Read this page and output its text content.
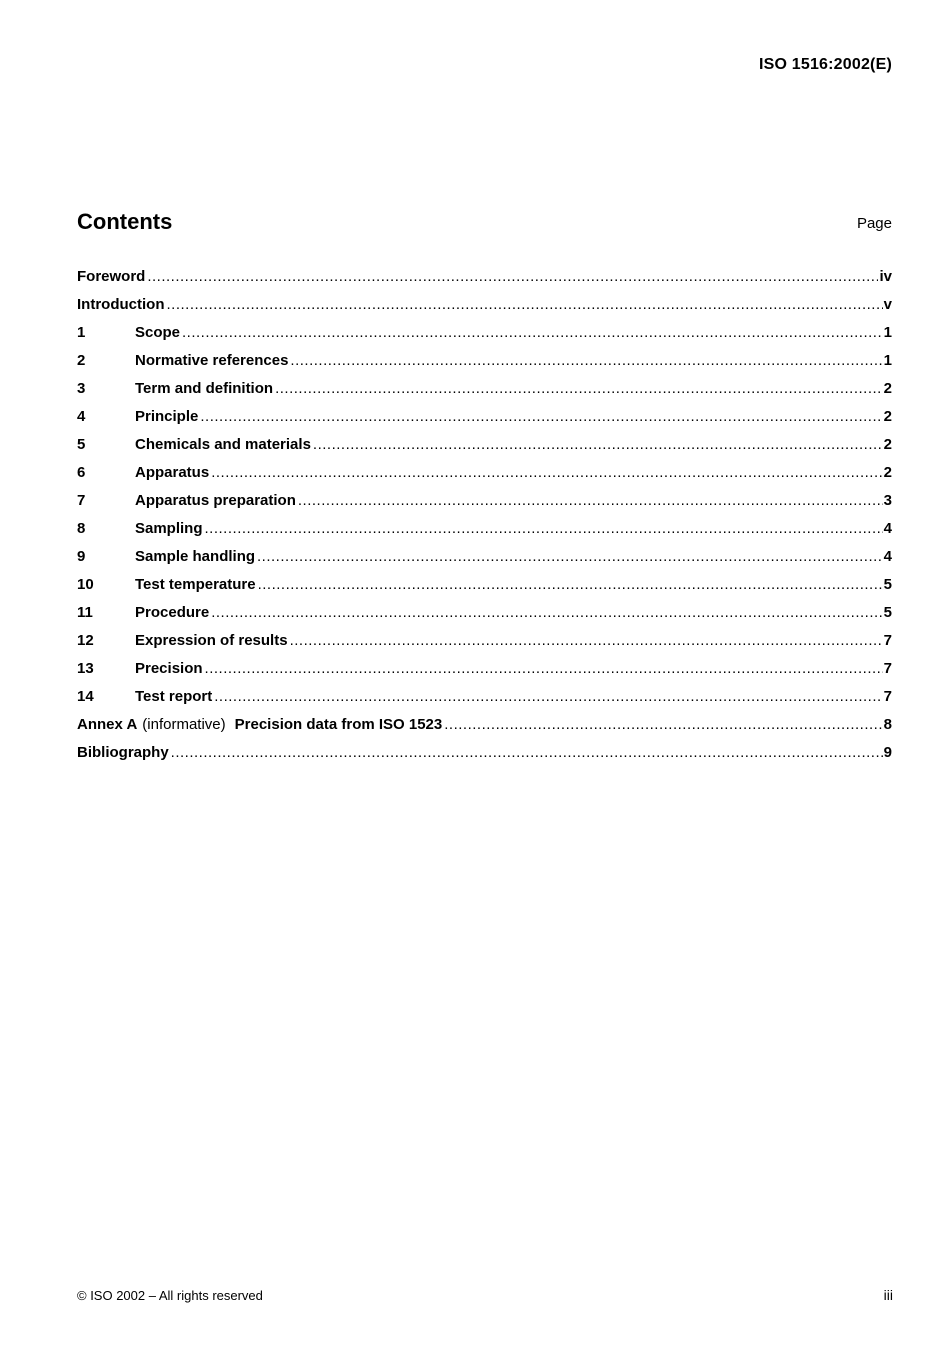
ISO 1516:2002(E)
Contents	Page
Foreword .....	iv
Introduction .....	v
1	Scope .....	1
2	Normative references .....	1
3	Term and definition .....	2
4	Principle .....	2
5	Chemicals and materials .....	2
6	Apparatus .....	2
7	Apparatus preparation .....	3
8	Sampling .....	4
9	Sample handling .....	4
10	Test temperature .....	5
11	Procedure .....	5
12	Expression of results .....	7
13	Precision .....	7
14	Test report .....	7
Annex A (informative) Precision data from ISO 1523 .....	8
Bibliography .....	9
© ISO 2002 – All rights reserved	iii
